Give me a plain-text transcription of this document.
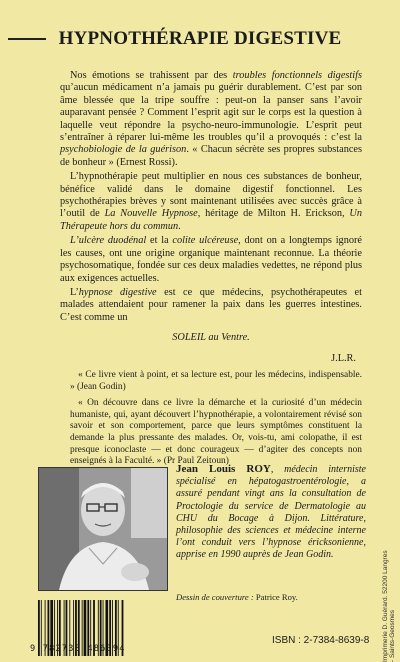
HYPNOTHÉRAPIE DIGESTIVE

Nos émotions se trahissent par des troubles fonctionnels digestifs qu’aucun médicament n’a jamais pu guérir durablement. C’est par son âme blessée que la tripe souffre : peut-on la panser sans l’avoir auparavant pensée ? Comment l’esprit agit sur le corps est la question à laquelle veut répondre la psycho-neuro-immunologie. L’esprit peut s’entraîner à réparer lui-même les troubles qu’il a provoqués : c’est la psychobiologie de la guérison. « Chacun sécrète ses propres substances de bonheur » (Ernest Rossi).

L’hypnothérapie peut multiplier en nous ces substances de bonheur, bénéfice validé dans le domaine digestif fonctionnel. Les psychothérapies brèves y sont maintenant utilisées avec succès grâce à l’outil de La Nouvelle Hypnose, héritage de Milton H. Erickson, Un Thérapeute hors du commun.

L’ulcère duodénal et la colite ulcéreuse, dont on a longtemps ignoré les causes, ont une origine organique maintenant reconnue. La théorie psychosomatique, fondée sur ces deux maladies vedettes, ne répond plus aux exigences actuelles.

L’hypnose digestive est ce que médecins, psychothérapeutes et malades attendaient pour ramener la paix dans les guerres intestines. C’est comme un

SOLEIL au Ventre.

J.L.R.

« Ce livre vient à point, et sa lecture est, pour les médecins, indispensable. » (Jean Godin)

« On découvre dans ce livre la démarche et la curiosité d’un médecin humaniste, qui, ayant découvert l’hypnothérapie, a volontairement révisé son savoir et son comportement, parce que leurs symptômes constituent la demande la plus pressante des malades. Or, vois-tu, ami colopathe, il est presque iconoclaste — et donc courageux — d’agiter des concepts non enseignés à la Faculté. » (Pr Paul Zeitoun)

Jean Louis ROY, médecin interniste spécialisé en hépatogastroentérologie, a assuré pendant vingt ans la consultation de Proctologie du service de Dermatologie au CHU du Bocage à Dijon. Littérature, philosophie des sciences et médecine interne l’ont conduit vers l’hypnose éricksonienne, apprise en 1990 auprès de Jean Godin.
Dessin de couverture : Patrice Roy.
9 782738 486394
ISBN : 2-7384-8639-8 Imprimerie D. Guérard. 52200 Langres - Saints-Geosmes
